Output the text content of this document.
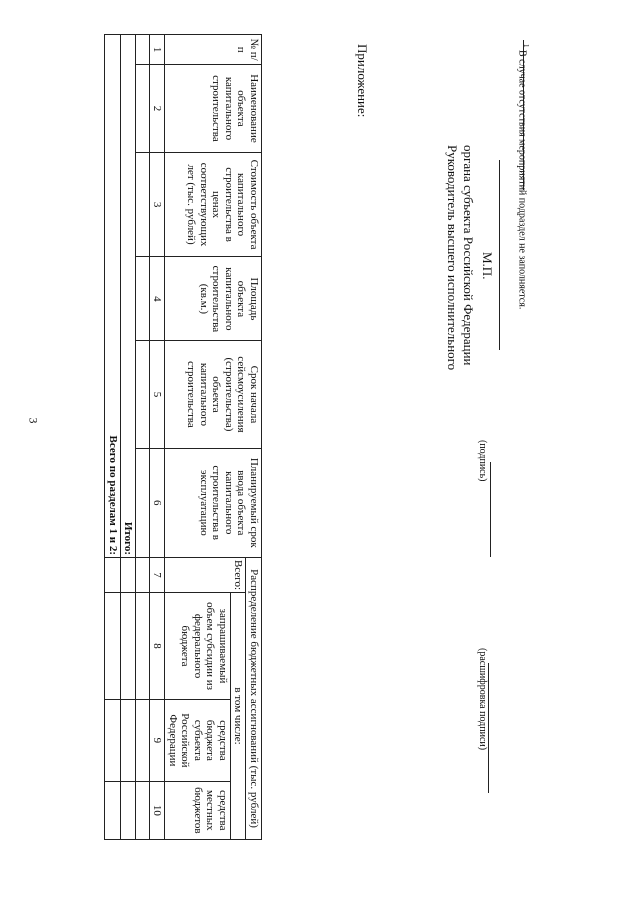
3
№ п/п	Наименование объекта капитального строительства	Стоимость объекта капитального строительства в ценах соответствующих лет (тыс. рублей)	Площадь объекта капитального строительства (кв.м.)	Срок начала сейсмоусиления (строительства) объекта капитального строительства	Планируемый срок ввода объекта капитального строительства в эксплуатацию	Распределение бюджетных ассигнований (тыс. рублей)			
						Всего:	в том числе:		
							запрашиваемый объем субсидии из федерального бюджета	средства бюджета субъекта Российской Федерации	средства местных бюджетов
1	2	3	4	5	6	7	8	9	10

Итого:									
Всего по разделам 1 и 2:									
Приложение:
Руководитель высшего исполнительного органа субъекта Российской Федерации М.П.
(подпись)
(расшифровка подписи)
$^1$ В случае отсутствия мероприятий подраздел не заполняется.
